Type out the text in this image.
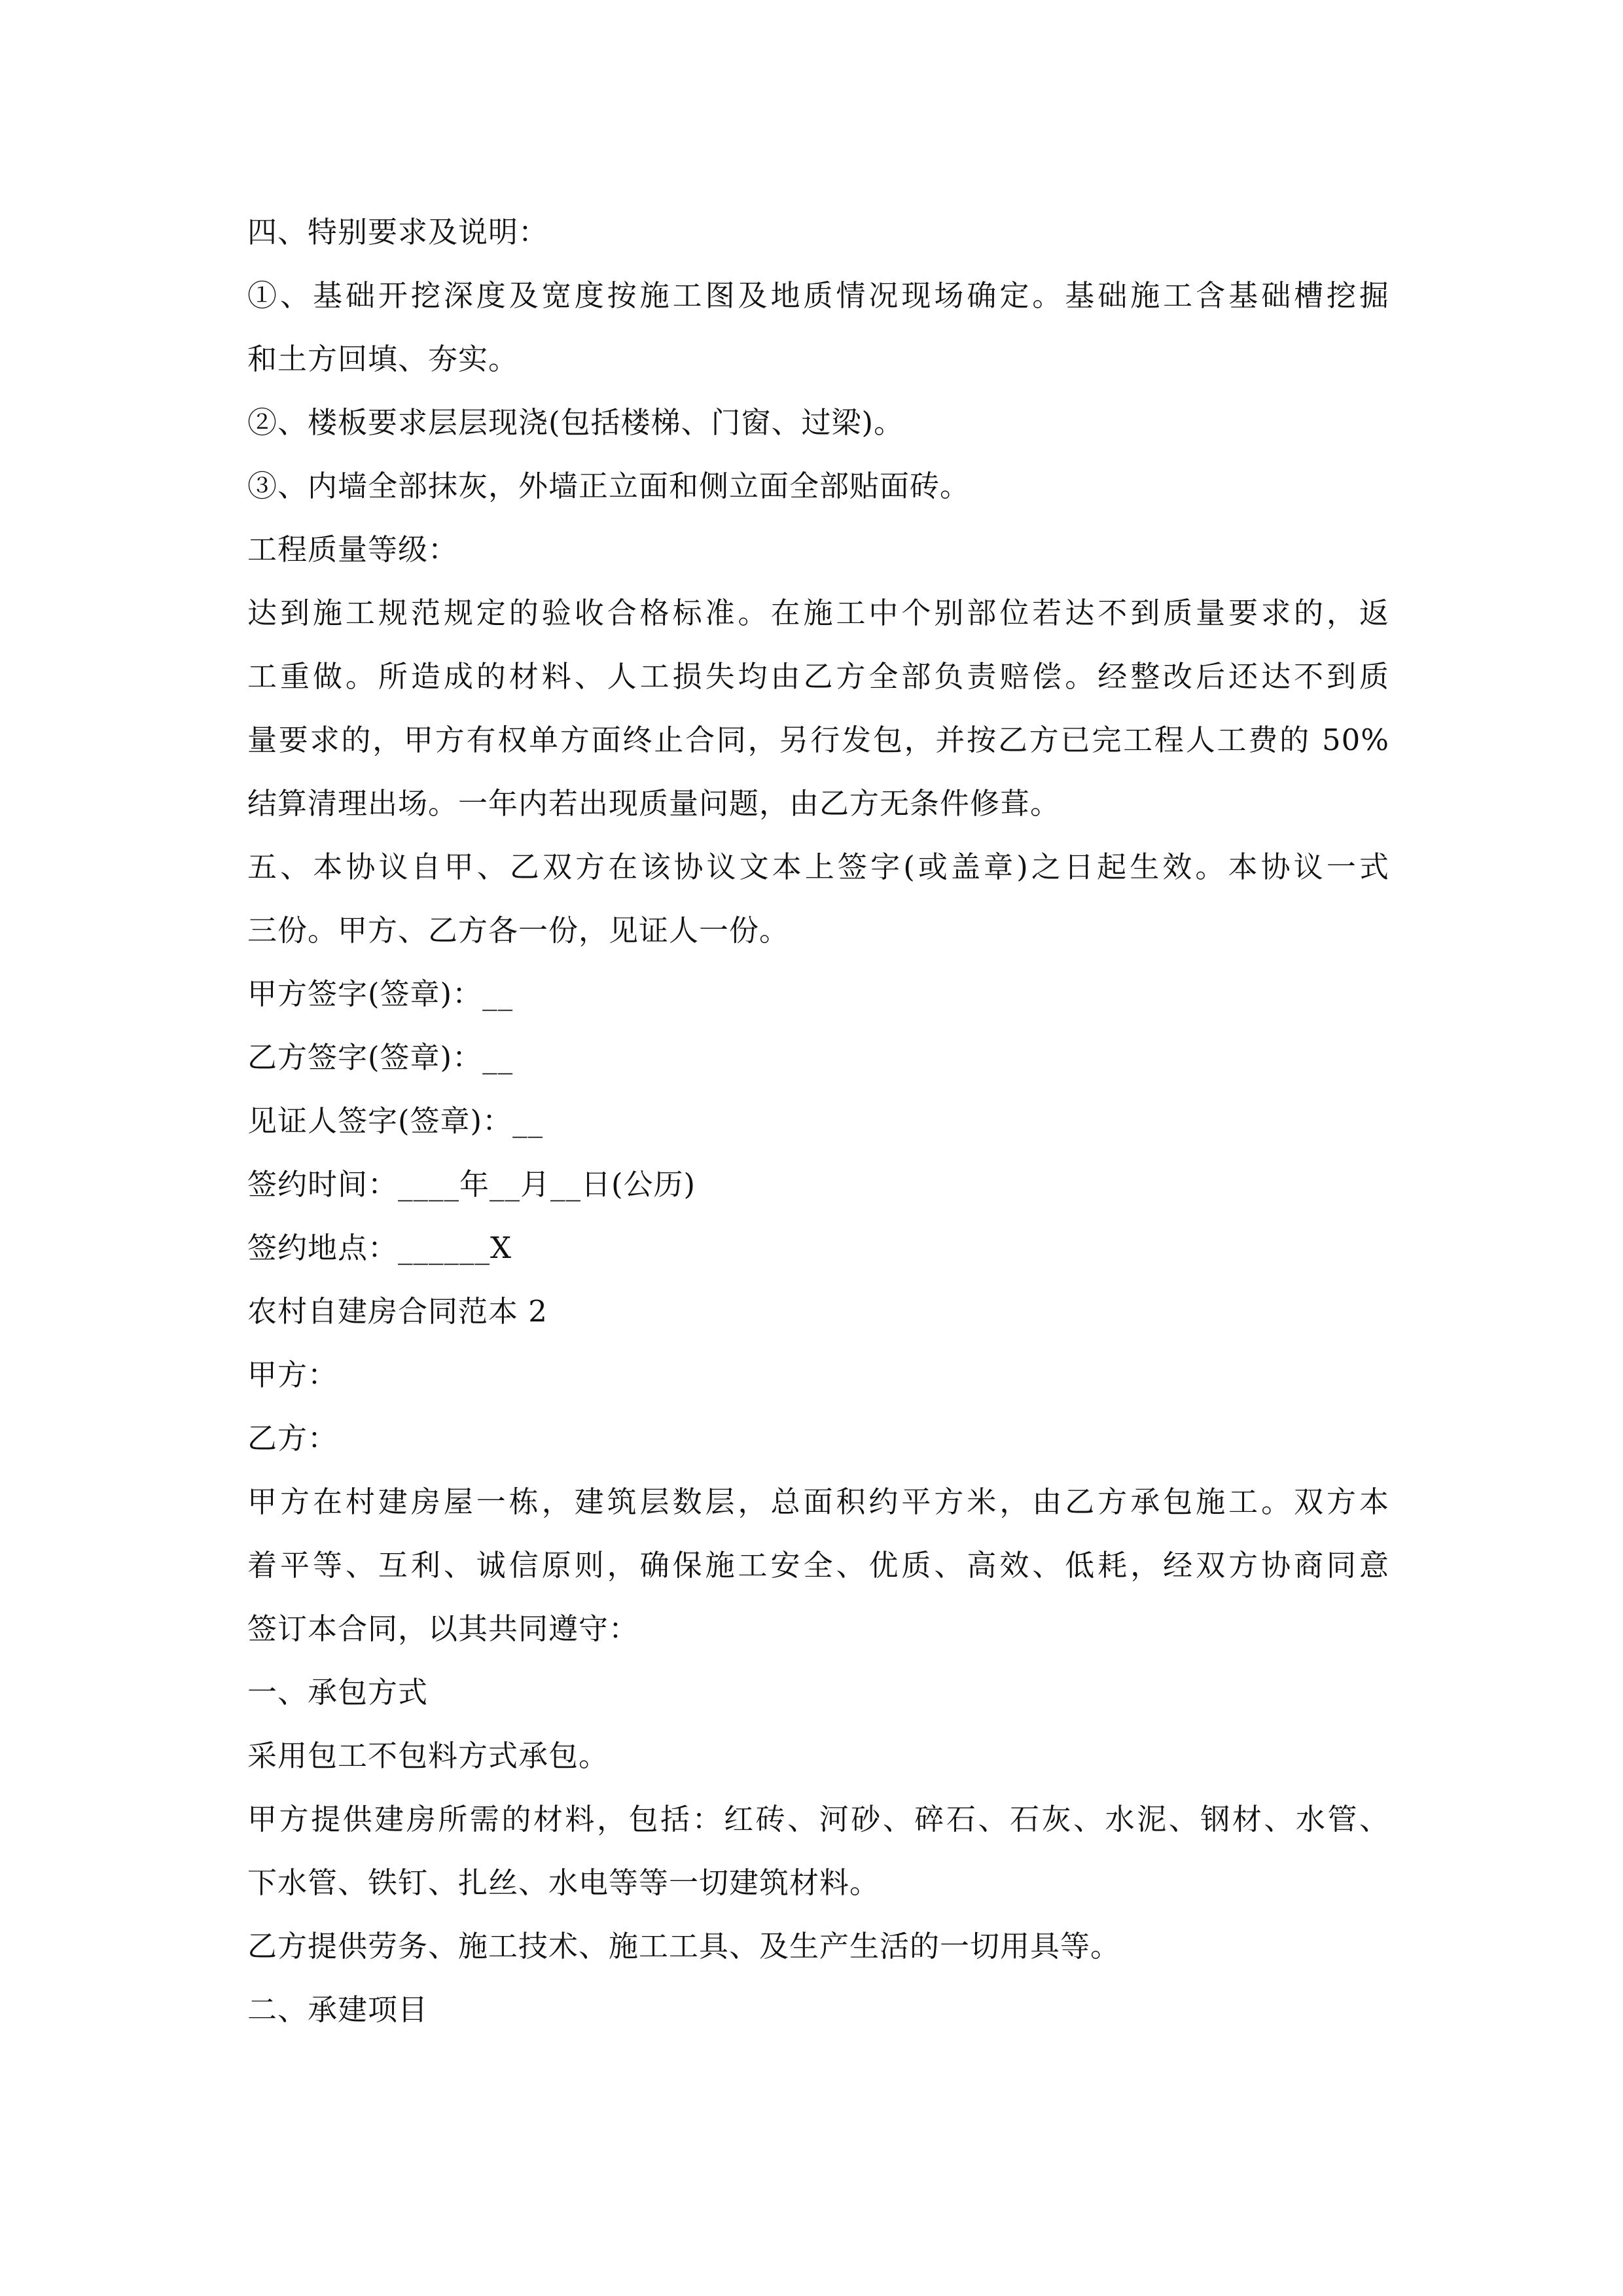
四、特别要求及说明：
①、基础开挖深度及宽度按施工图及地质情况现场确定。基础施工含基础槽挖掘
和土方回填、夯实。
②、楼板要求层层现浇(包括楼梯、门窗、过梁)。
③、内墙全部抹灰，外墙正立面和侧立面全部贴面砖。
工程质量等级：
达到施工规范规定的验收合格标准。在施工中个别部位若达不到质量要求的，返
工重做。所造成的材料、人工损失均由乙方全部负责赔偿。经整改后还达不到质
量要求的，甲方有权单方面终止合同，另行发包，并按乙方已完工程人工费的 50%
结算清理出场。一年内若出现质量问题，由乙方无条件修葺。
五、本协议自甲、乙双方在该协议文本上签字(或盖章)之日起生效。本协议一式
三份。甲方、乙方各一份，见证人一份。
甲方签字(签章)：__
乙方签字(签章)：__
见证人签字(签章)：__
签约时间：____年__月__日(公历)
签约地点：______X
农村自建房合同范本 2
甲方：
乙方：
甲方在村建房屋一栋，建筑层数层，总面积约平方米，由乙方承包施工。双方本
着平等、互利、诚信原则，确保施工安全、优质、高效、低耗，经双方协商同意
签订本合同，以其共同遵守：
一、承包方式
采用包工不包料方式承包。
甲方提供建房所需的材料，包括：红砖、河砂、碎石、石灰、水泥、钢材、水管、
下水管、铁钉、扎丝、水电等等一切建筑材料。
乙方提供劳务、施工技术、施工工具、及生产生活的一切用具等。
二、承建项目
